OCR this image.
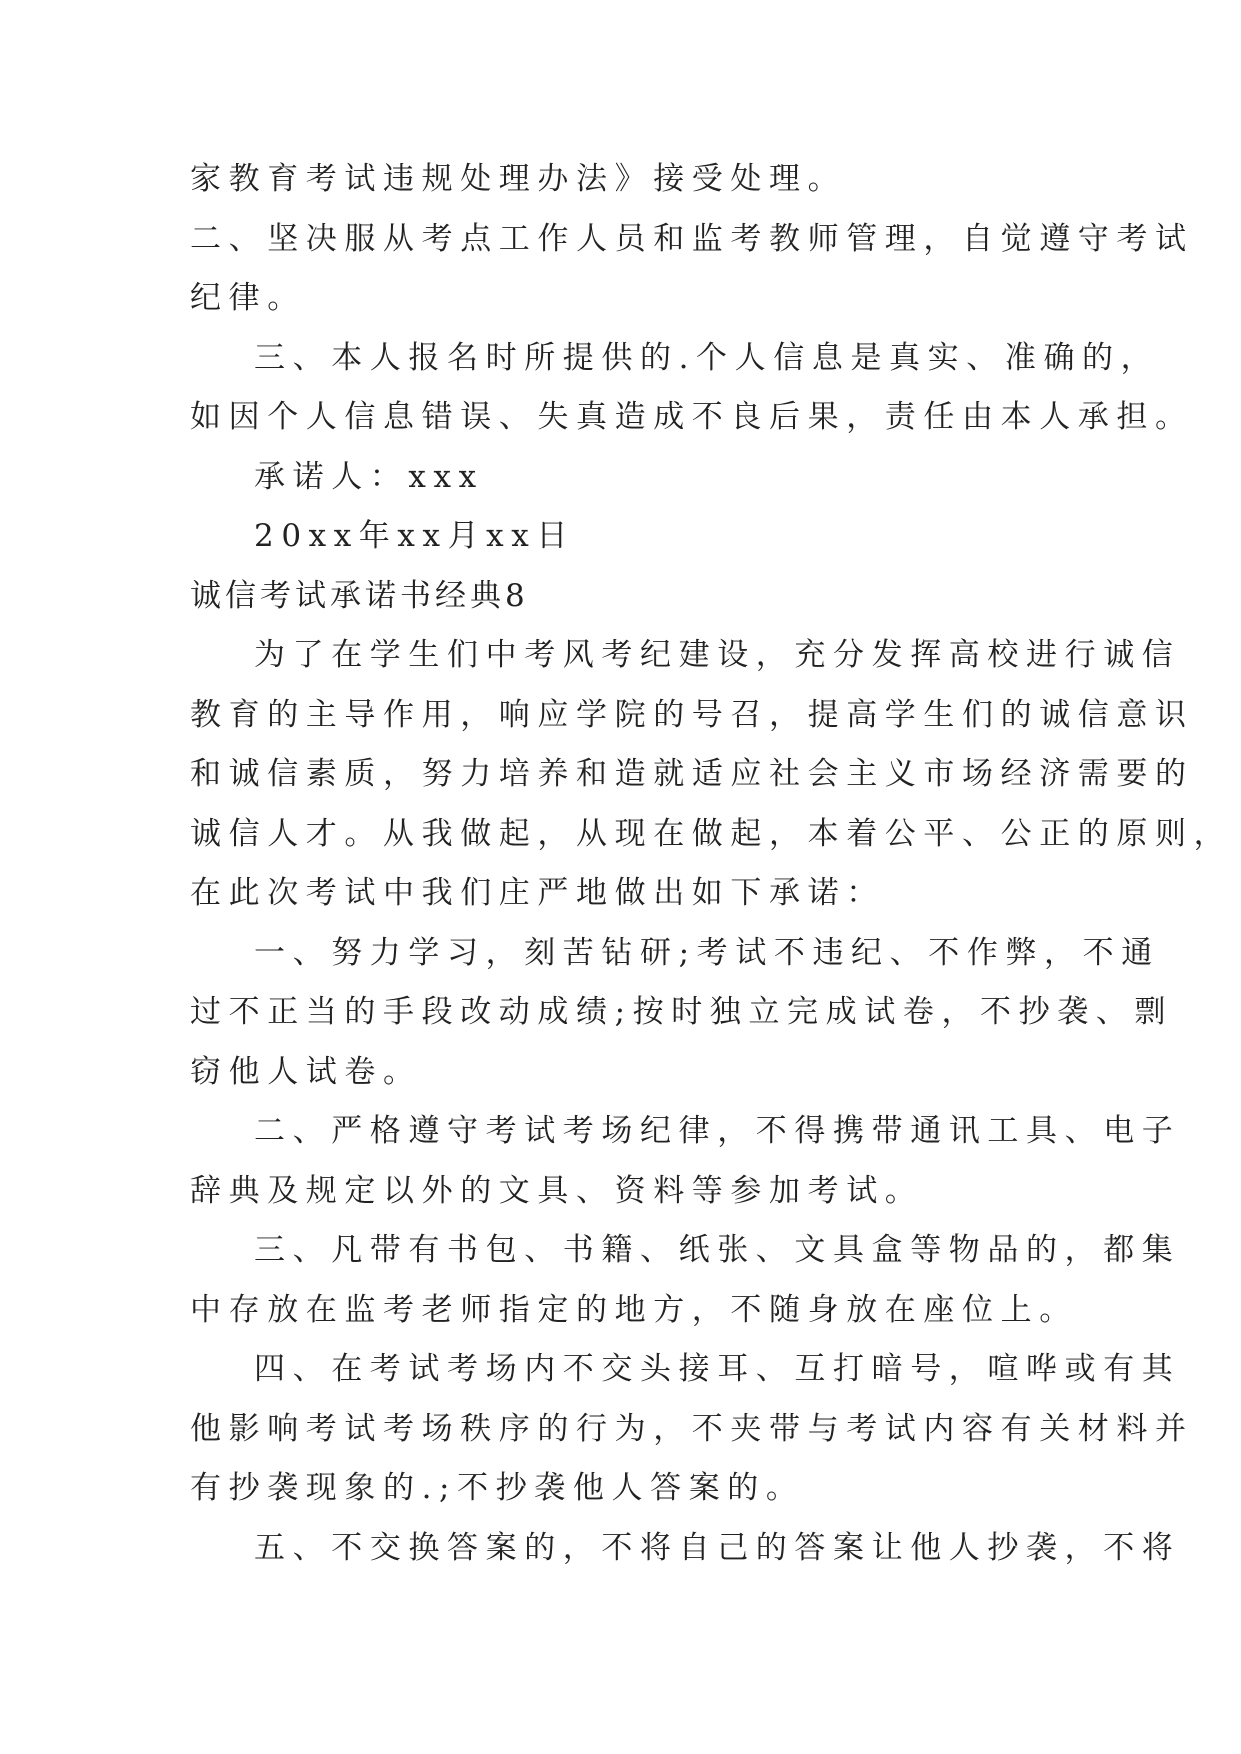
家教育考试违规处理办法》接受处理。
二、坚决服从考点工作人员和监考教师管理，自觉遵守考试
纪律。
三、本人报名时所提供的.个人信息是真实、准确的，
如因个人信息错误、失真造成不良后果，责任由本人承担。
承诺人：xxx
20xx年xx月xx日
诚信考试承诺书经典8
为了在学生们中考风考纪建设，充分发挥高校进行诚信
教育的主导作用，响应学院的号召，提高学生们的诚信意识
和诚信素质，努力培养和造就适应社会主义市场经济需要的
诚信人才。从我做起，从现在做起，本着公平、公正的原则，
在此次考试中我们庄严地做出如下承诺：
一、努力学习，刻苦钻研;考试不违纪、不作弊，不通
过不正当的手段改动成绩;按时独立完成试卷，不抄袭、剽
窃他人试卷。
二、严格遵守考试考场纪律，不得携带通讯工具、电子
辞典及规定以外的文具、资料等参加考试。
三、凡带有书包、书籍、纸张、文具盒等物品的，都集
中存放在监考老师指定的地方，不随身放在座位上。
四、在考试考场内不交头接耳、互打暗号，喧哗或有其
他影响考试考场秩序的行为，不夹带与考试内容有关材料并
有抄袭现象的.;不抄袭他人答案的。
五、不交换答案的，不将自己的答案让他人抄袭，不将
